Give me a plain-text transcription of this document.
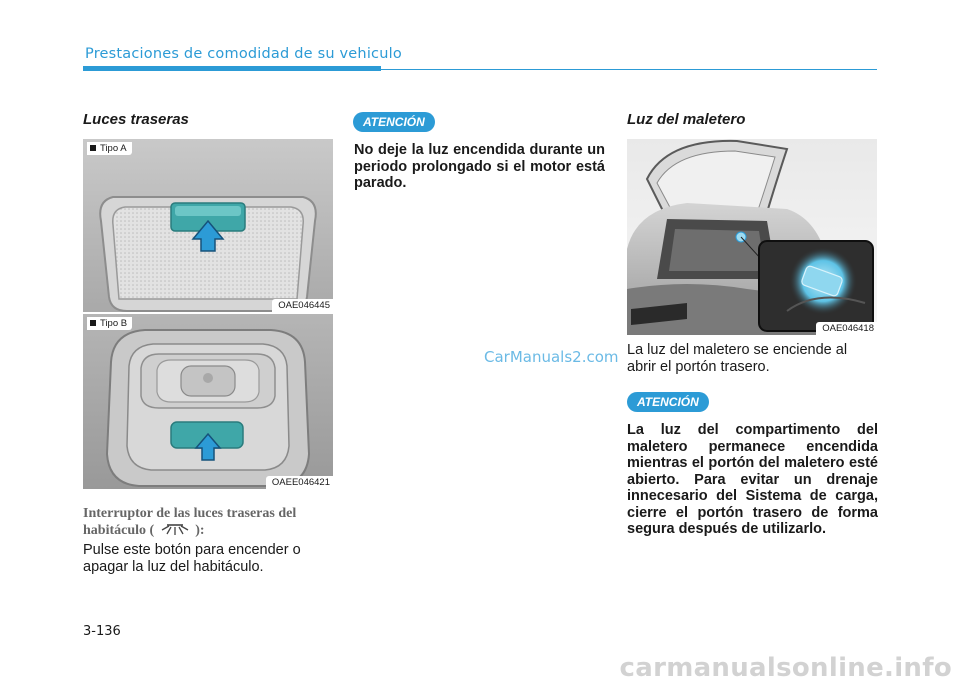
Prestaciones de comodidad de su vehiculo
Luces traseras
Tipo A
OAE046445
Tipo B
OAEE046421
Interruptor de las luces traseras del habitáculo (	):
Pulse este botón para encender o apagar la luz del habitáculo.
ATENCIÓN
No deje la luz encendida durante un periodo prolongado si el motor está parado.
CarManuals2.com
Luz del maletero
OAE046418
La luz del maletero se enciende al abrir el portón trasero.
ATENCIÓN
La luz del compartimento del maletero permanece encendida mientras el portón del maletero esté abierto. Para evitar un drenaje innecesario del Sistema de carga, cierre el portón trasero de forma segura después de utilizarlo.
3-136
carmanualsonline.info
